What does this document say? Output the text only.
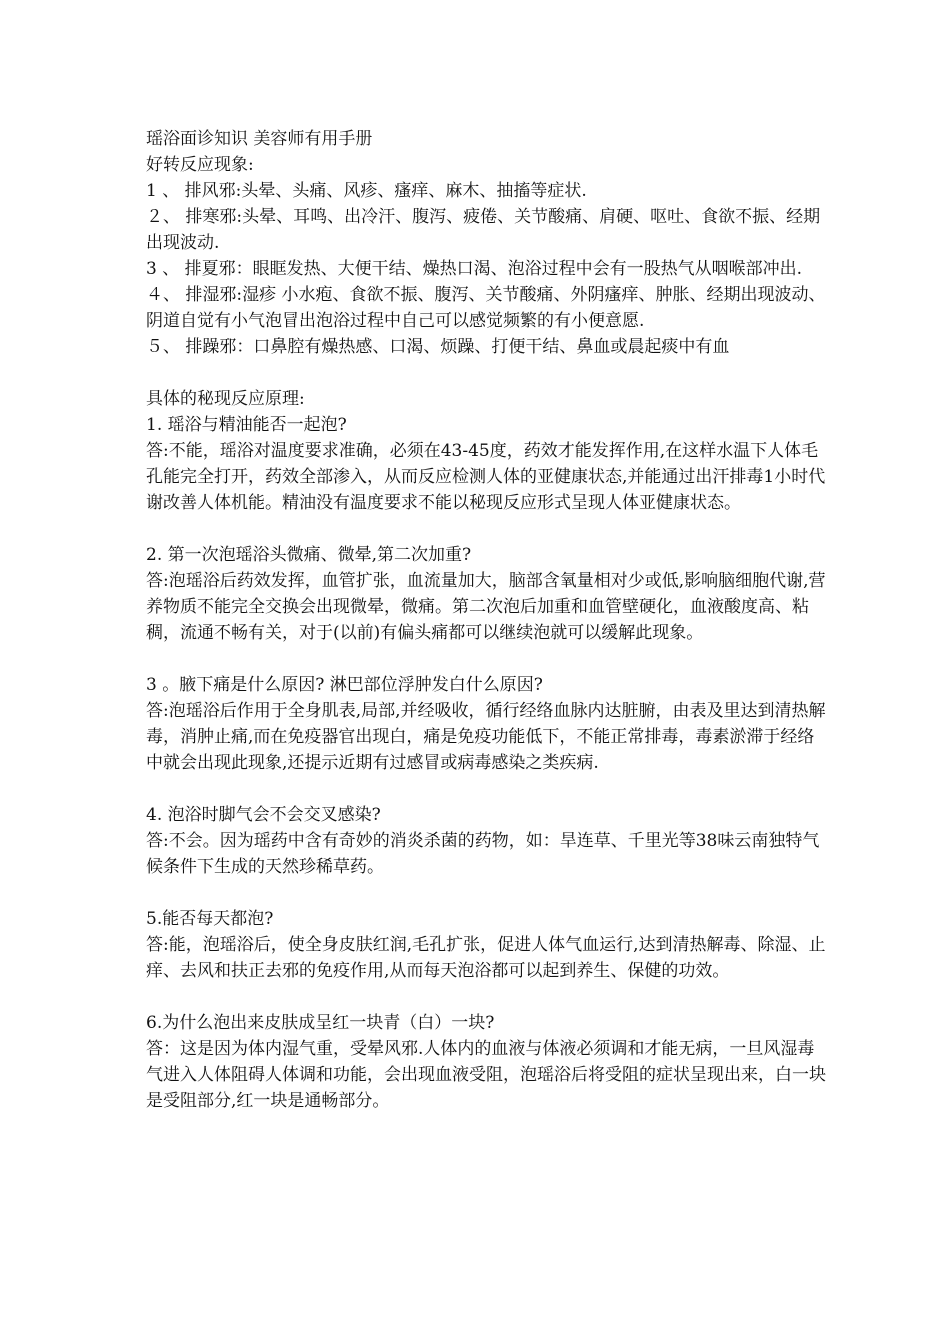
瑶浴面诊知识 美容师有用手册
好转反应现象:
1 、 排风邪:头晕、头痛、风疹、瘙痒、麻木、抽搐等症状.
２、 排寒邪:头晕、耳鸣、出冷汗、腹泻、疲倦、关节酸痛、肩硬、呕吐、食欲不振、经期出现波动.
3 、 排夏邪：眼眶发热、大便干结、燥热口渴、泡浴过程中会有一股热气从咽喉部冲出.
４、 排湿邪:湿疹 小水疱、食欲不振、腹泻、关节酸痛、外阴瘙痒、肿胀、经期出现波动、阴道自觉有小气泡冒出泡浴过程中自己可以感觉频繁的有小便意愿.
５、 排躁邪：口鼻腔有燥热感、口渴、烦躁、打便干结、鼻血或晨起痰中有血
具体的秘现反应原理:
1. 瑶浴与精油能否一起泡?
答:不能，瑶浴对温度要求准确，必须在43-45度，药效才能发挥作用,在这样水温下人体毛孔能完全打开，药效全部渗入，从而反应检测人体的亚健康状态,并能通过出汗排毒1小时代谢改善人体机能。精油没有温度要求不能以秘现反应形式呈现人体亚健康状态。
2. 第一次泡瑶浴头微痛、微晕,第二次加重?
答:泡瑶浴后药效发挥，血管扩张，血流量加大，脑部含氧量相对少或低,影响脑细胞代谢,营养物质不能完全交换会出现微晕，微痛。第二次泡后加重和血管壁硬化，血液酸度高、粘稠，流通不畅有关，对于(以前)有偏头痛都可以继续泡就可以缓解此现象。
3 。腋下痛是什么原因? 淋巴部位浮肿发白什么原因?
答:泡瑶浴后作用于全身肌表,局部,并经吸收，循行经络血脉内达脏腑，由表及里达到清热解毒，消肿止痛,而在免疫器官出现白，痛是免疫功能低下，不能正常排毒，毒素淤滞于经络中就会出现此现象,还提示近期有过感冒或病毒感染之类疾病.
4. 泡浴时脚气会不会交叉感染?
答:不会。因为瑶药中含有奇妙的消炎杀菌的药物，如：旱连草、千里光等38味云南独特气候条件下生成的天然珍稀草药。
5.能否每天都泡?
答:能，泡瑶浴后，使全身皮肤红润,毛孔扩张，促进人体气血运行,达到清热解毒、除湿、止痒、去风和扶正去邪的免疫作用,从而每天泡浴都可以起到养生、保健的功效。
6.为什么泡出来皮肤成呈红一块青（白）一块?
答：这是因为体内湿气重，受晕风邪.人体内的血液与体液必须调和才能无病，一旦风湿毒气进入人体阻碍人体调和功能，会出现血液受阻，泡瑶浴后将受阻的症状呈现出来，白一块是受阻部分,红一块是通畅部分。
